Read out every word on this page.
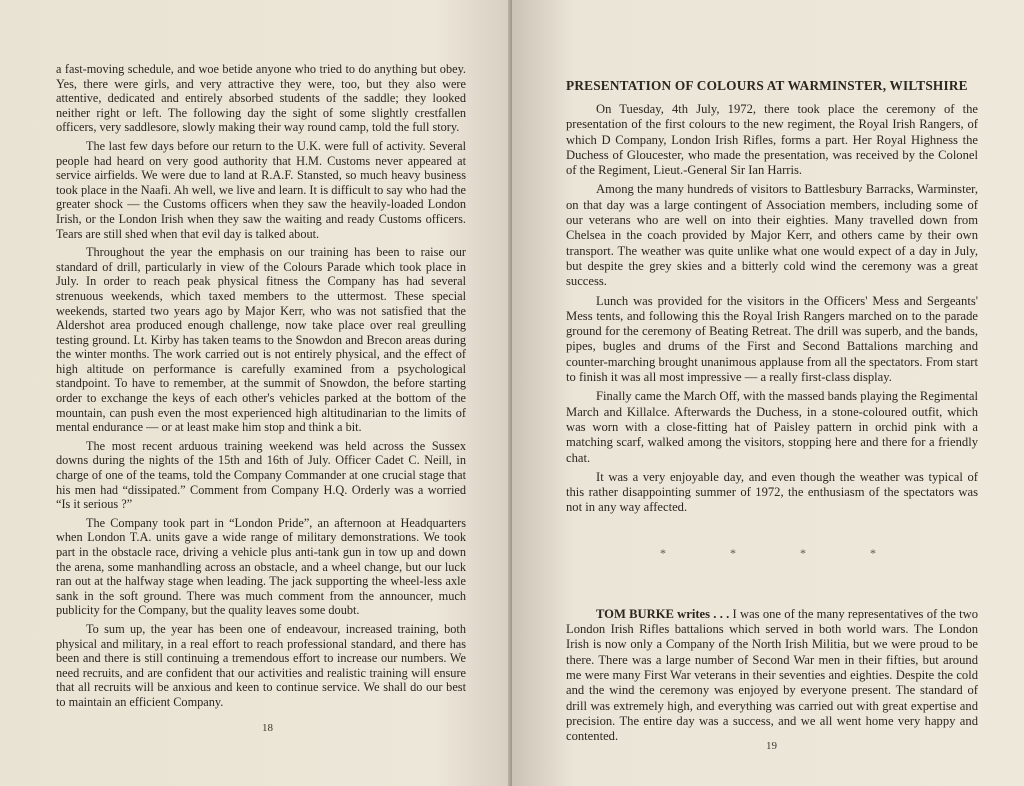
a fast-moving schedule, and woe betide anyone who tried to do anything but obey. Yes, there were girls, and very attractive they were, too, but they also were attentive, dedicated and entirely absorbed students of the saddle; they looked neither right or left. The following day the sight of some slightly crestfallen officers, very saddlesore, slowly making their way round camp, told the full story.

The last few days before our return to the U.K. were full of activity. Several people had heard on very good authority that H.M. Customs never appeared at service airfields. We were due to land at R.A.F. Stansted, so much heavy business took place in the Naafi. Ah well, we live and learn. It is difficult to say who had the greater shock — the Customs officers when they saw the heavily-loaded London Irish, or the London Irish when they saw the waiting and ready Customs officers. Tears are still shed when that evil day is talked about.

Throughout the year the emphasis on our training has been to raise our standard of drill, particularly in view of the Colours Parade which took place in July. In order to reach peak physical fitness the Company has had several strenuous weekends, which taxed members to the uttermost. These special weekends, started two years ago by Major Kerr, who was not satisfied that the Aldershot area produced enough challenge, now take place over real greulling testing ground. Lt. Kirby has taken teams to the Snowdon and Brecon areas during the winter months. The work carried out is not entirely physical, and the effect of high altitude on performance is carefully examined from a psychological standpoint. To have to remember, at the summit of Snowdon, the before starting order to exchange the keys of each other's vehicles parked at the bottom of the mountain, can push even the most experienced high altitudinarian to the limits of mental endurance — or at least make him stop and think a bit.

The most recent arduous training weekend was held across the Sussex downs during the nights of the 15th and 16th of July. Officer Cadet C. Neill, in charge of one of the teams, told the Company Commander at one crucial stage that his men had “dissipated.” Comment from Company H.Q. Orderly was a worried “Is it serious ?”

The Company took part in “London Pride”, an afternoon at Headquarters when London T.A. units gave a wide range of military demonstrations. We took part in the obstacle race, driving a vehicle plus anti-tank gun in tow up and down the arena, some manhandling across an obstacle, and a wheel change, but our luck ran out at the halfway stage when leading. The jack supporting the wheel-less axle sank in the soft ground. There was much comment from the announcer, much publicity for the Company, but the quality leaves some doubt.

To sum up, the year has been one of endeavour, increased training, both physical and military, in a real effort to reach professional standard, and there has been and there is still continuing a tremendous effort to increase our numbers. We need recruits, and are confident that our activities and realistic training will ensure that all recruits will be anxious and keen to continue service. We shall do our best to maintain an efficient Company.

18
PRESENTATION OF COLOURS AT WARMINSTER, WILTSHIRE

On Tuesday, 4th July, 1972, there took place the ceremony of the presentation of the first colours to the new regiment, the Royal Irish Rangers, of which D Company, London Irish Rifles, forms a part. Her Royal Highness the Duchess of Gloucester, who made the presentation, was received by the Colonel of the Regiment, Lieut.-General Sir Ian Harris.

Among the many hundreds of visitors to Battlesbury Barracks, Warminster, on that day was a large contingent of Association members, including some of our veterans who are well on into their eighties. Many travelled down from Chelsea in the coach provided by Major Kerr, and others came by their own transport. The weather was quite unlike what one would expect of a day in July, but despite the grey skies and a bitterly cold wind the ceremony was a great success.

Lunch was provided for the visitors in the Officers' Mess and Sergeants' Mess tents, and following this the Royal Irish Rangers marched on to the parade ground for the ceremony of Beating Retreat. The drill was superb, and the bands, pipes, bugles and drums of the First and Second Battalions marching and counter-marching brought unanimous applause from all the spectators. From start to finish it was all most impressive — a really first-class display.

Finally came the March Off, with the massed bands playing the Regimental March and Killalce. Afterwards the Duchess, in a stone-coloured outfit, which was worn with a close-fitting hat of Paisley pattern in orchid pink with a matching scarf, walked among the visitors, stopping here and there for a friendly chat.

It was a very enjoyable day, and even though the weather was typical of this rather disappointing summer of 1972, the enthusiasm of the spectators was not in any way affected.

*	*	*	*

TOM BURKE writes . . . I was one of the many representatives of the two London Irish Rifles battalions which served in both world wars. The London Irish is now only a Company of the North Irish Militia, but we were proud to be there. There was a large number of Second War men in their fifties, but around me were many First War veterans in their seventies and eighties. Despite the cold and the wind the ceremony was enjoyed by everyone present. The standard of drill was extremely high, and everything was carried out with great expertise and precision. The entire day was a success, and we all went home very happy and contented.

19
